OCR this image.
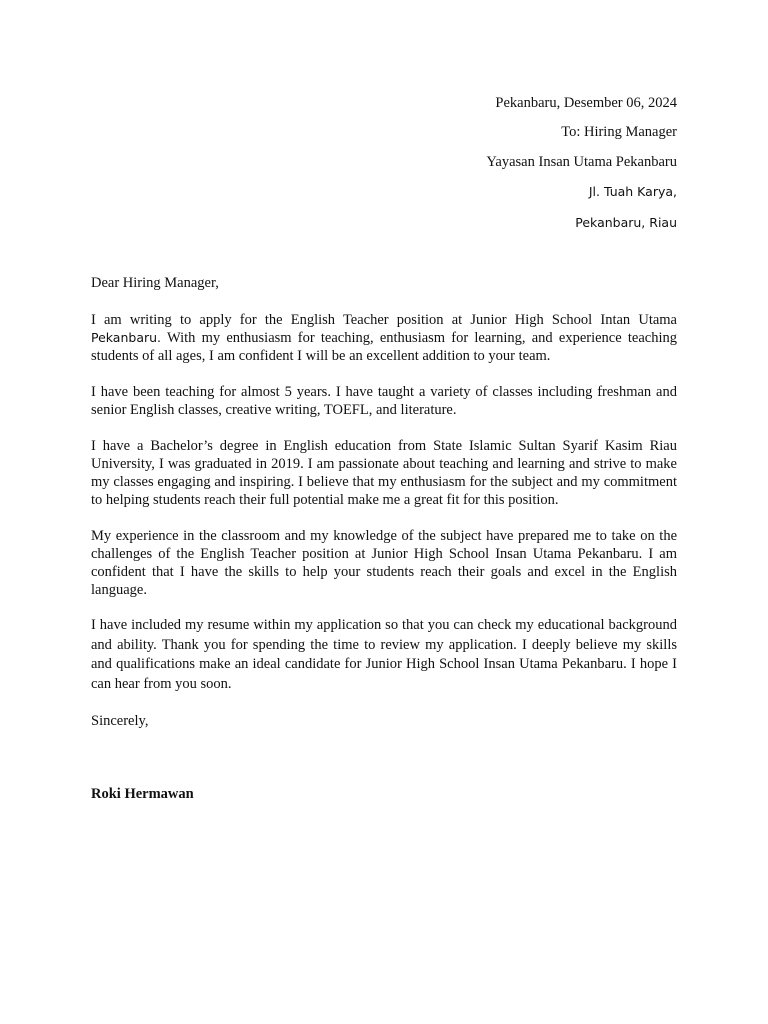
Pekanbaru, Desember 06, 2024
To: Hiring Manager
Yayasan Insan Utama Pekanbaru
Jl. Tuah Karya,
Pekanbaru, Riau
Dear Hiring Manager,

I am writing to apply for the English Teacher position at Junior High School Intan Utama Pekanbaru. With my enthusiasm for teaching, enthusiasm for learning, and experience teaching students of all ages, I am confident I will be an excellent addition to your team.

I have been teaching for almost 5 years. I have taught a variety of classes including freshman and senior English classes, creative writing, TOEFL, and literature.

I have a Bachelor’s degree in English education from State Islamic Sultan Syarif Kasim Riau University, I was graduated in 2019. I am passionate about teaching and learning and strive to make my classes engaging and inspiring. I believe that my enthusiasm for the subject and my commitment to helping students reach their full potential make me a great fit for this position.

My experience in the classroom and my knowledge of the subject have prepared me to take on the challenges of the English Teacher position at Junior High School Insan Utama Pekanbaru. I am confident that I have the skills to help your students reach their goals and excel in the English language.

I have included my resume within my application so that you can check my educational background and ability. Thank you for spending the time to review my application. I deeply believe my skills and qualifications make an ideal candidate for Junior High School Insan Utama Pekanbaru. I hope I can hear from you soon.

Sincerely,
Roki Hermawan
